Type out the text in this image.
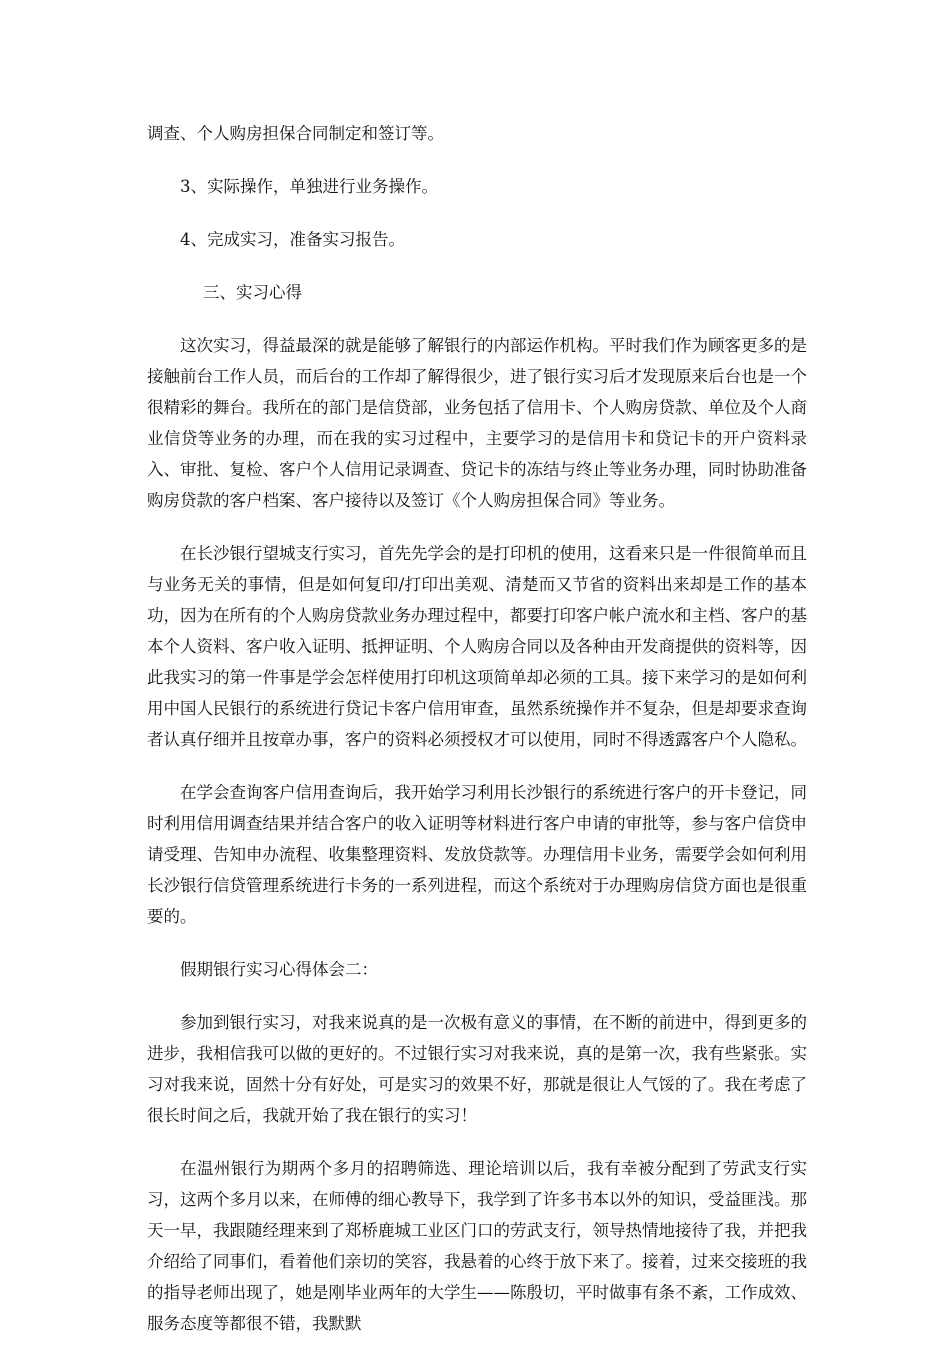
调查、个人购房担保合同制定和签订等。

3、实际操作，单独进行业务操作。

4、完成实习，准备实习报告。

三、实习心得

这次实习，得益最深的就是能够了解银行的内部运作机构。平时我们作为顾客更多的是接触前台工作人员，而后台的工作却了解得很少，进了银行实习后才发现原来后台也是一个很精彩的舞台。我所在的部门是信贷部，业务包括了信用卡、个人购房贷款、单位及个人商业信贷等业务的办理，而在我的实习过程中，主要学习的是信用卡和贷记卡的开户资料录入、审批、复检、客户个人信用记录调查、贷记卡的冻结与终止等业务办理，同时协助准备购房贷款的客户档案、客户接待以及签订《个人购房担保合同》等业务。

在长沙银行望城支行实习，首先先学会的是打印机的使用，这看来只是一件很简单而且与业务无关的事情，但是如何复印/打印出美观、清楚而又节省的资料出来却是工作的基本功，因为在所有的个人购房贷款业务办理过程中，都要打印客户帐户流水和主档、客户的基本个人资料、客户收入证明、抵押证明、个人购房合同以及各种由开发商提供的资料等，因此我实习的第一件事是学会怎样使用打印机这项简单却必须的工具。接下来学习的是如何利用中国人民银行的系统进行贷记卡客户信用审查，虽然系统操作并不复杂，但是却要求查询者认真仔细并且按章办事，客户的资料必须授权才可以使用，同时不得透露客户个人隐私。

在学会查询客户信用查询后，我开始学习利用长沙银行的系统进行客户的开卡登记，同时利用信用调查结果并结合客户的收入证明等材料进行客户申请的审批等，参与客户信贷申请受理、告知申办流程、收集整理资料、发放贷款等。办理信用卡业务，需要学会如何利用长沙银行信贷管理系统进行卡务的一系列进程，而这个系统对于办理购房信贷方面也是很重要的。

假期银行实习心得体会二：

参加到银行实习，对我来说真的是一次极有意义的事情，在不断的前进中，得到更多的进步，我相信我可以做的更好的。不过银行实习对我来说，真的是第一次，我有些紧张。实习对我来说，固然十分有好处，可是实习的效果不好，那就是很让人气馁的了。我在考虑了很长时间之后，我就开始了我在银行的实习！

在温州银行为期两个多月的招聘筛选、理论培训以后，我有幸被分配到了劳武支行实习，这两个多月以来，在师傅的细心教导下，我学到了许多书本以外的知识，受益匪浅。那天一早，我跟随经理来到了郑桥鹿城工业区门口的劳武支行，领导热情地接待了我，并把我介绍给了同事们，看着他们亲切的笑容，我悬着的心终于放下来了。接着，过来交接班的我的指导老师出现了，她是刚毕业两年的大学生——陈殷切，平时做事有条不紊，工作成效、服务态度等都很不错，我默默
